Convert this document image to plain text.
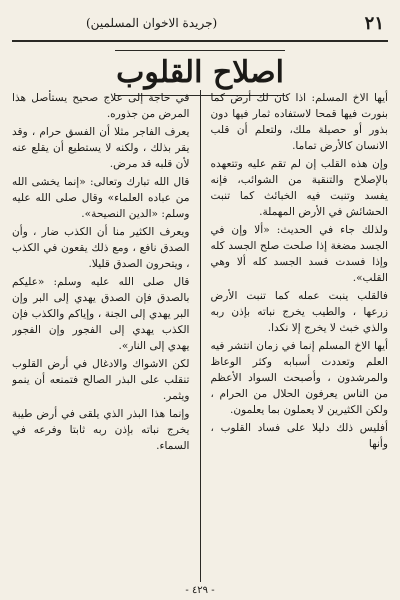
٢١
(جريدة الاخوان المسلمين)
اصلاح القلوب

أيها الاخ المسلم: اذا كان لك أرض كما بنورت فيها قمحا لاستفاده ثمار فيها دون بذور أو حصيلة ملك، ولتعلم أن قلب الانسان كالأرض تماما.

وإن هذه القلب إن لم تقم عليه وتتعهده بالإصلاح والتنقية من الشوائب، فإنه يفسد وتنبت فيه الخبائث كما تنبت الحشائش في الأرض المهملة.

ولذلك جاء في الحديث: «ألا وإن في الجسد مضغة إذا صلحت صلح الجسد كله وإذا فسدت فسد الجسد كله ألا وهي القلب».

فالقلب ينبت عمله كما تنبت الأرض زرعها ، والطيب يخرج نباته بإذن ربه والذي خبث لا يخرج إلا نكدا.

أيها الاخ المسلم إنما في زمان انتشر فيه العلم وتعددت أسبابه وكثر الوعاظ والمرشدون ، وأصبحت السواد الأعظم من الناس يعرفون الحلال من الحرام ، ولكن الكثيرين لا يعملون بما يعلمون.

أفليس ذلك دليلا على فساد القلوب ، وأنها

في حاجة إلى علاج صحيح يستأصل هذا المرض من جذوره.

يعرف الفاجر مثلا أن الفسق حرام ، وقد يقر بذلك ، ولكنه لا يستطيع أن يقلع عنه لأن قلبه قد مرض.

قال الله تبارك وتعالى: «إنما يخشى الله من عباده العلماء» وقال صلى الله عليه وسلم: «الدين النصيحة».

ويعرف الكثير منا أن الكذب ضار ، وأن الصدق نافع ، ومع ذلك يقعون في الكذب ، ويتحرون الصدق قليلا.

قال صلى الله عليه وسلم: «عليكم بالصدق فإن الصدق يهدي إلى البر وإن البر يهدي إلى الجنة ، وإياكم والكذب فإن الكذب يهدي إلى الفجور وإن الفجور يهدي إلى النار».

لكن الاشواك والادغال في أرض القلوب تنقلب على البذر الصالح فتمنعه أن ينمو ويثمر.

وإنما هذا البذر الذي يلقى في أرض طيبة يخرج نباته بإذن ربه ثابتا وفرعه في السماء.

- ٤٢٩ -
